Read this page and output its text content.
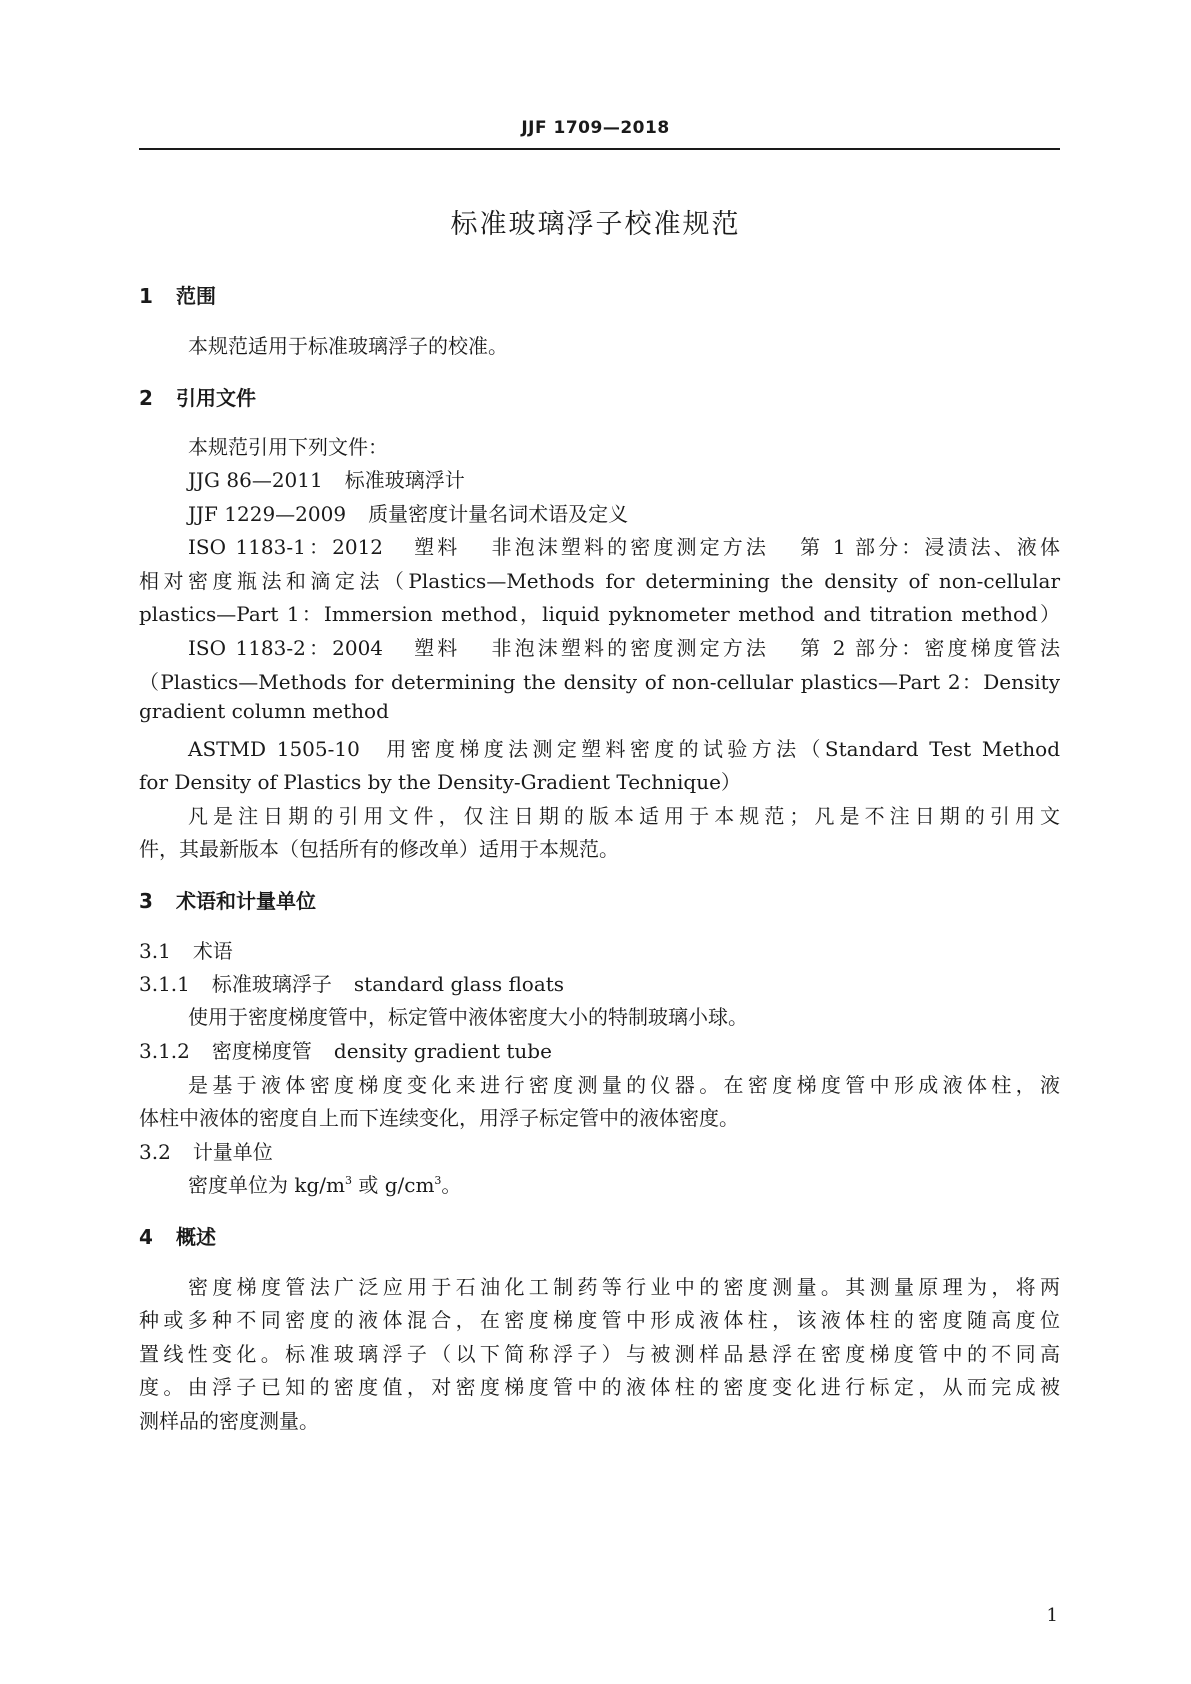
JJF 1709—2018
标准玻璃浮子校准规范
1 范围
本规范适用于标准玻璃浮子的校准。
2 引用文件
本规范引用下列文件：
JJG 86—2011 标准玻璃浮计
JJF 1229—2009 质量密度计量名词术语及定义
ISO 1183-1：2012 塑料 非泡沫塑料的密度测定方法 第 1 部分：浸渍法、液体
相对密度瓶法和滴定法（Plastics—Methods for determining the density of non-cellular
plastics—Part 1：Immersion method，liquid pyknometer method and titration method）
ISO 1183-2：2004 塑料 非泡沫塑料的密度测定方法 第 2 部分：密度梯度管法
（Plastics—Methods for determining the density of non-cellular plastics—Part 2：Density
gradient column method
ASTMD 1505-10 用密度梯度法测定塑料密度的试验方法（Standard Test Method
for Density of Plastics by the Density-Gradient Technique）
凡是注日期的引用文件，仅注日期的版本适用于本规范；凡是不注日期的引用文
件，其最新版本（包括所有的修改单）适用于本规范。
3 术语和计量单位
3.1 术语
3.1.1 标准玻璃浮子 standard glass floats
使用于密度梯度管中，标定管中液体密度大小的特制玻璃小球。
3.1.2 密度梯度管 density gradient tube
是基于液体密度梯度变化来进行密度测量的仪器。在密度梯度管中形成液体柱，液
体柱中液体的密度自上而下连续变化，用浮子标定管中的液体密度。
3.2 计量单位
密度单位为 $kg/m^3$ 或 $g/cm^3$。
4 概述
密度梯度管法广泛应用于石油化工制药等行业中的密度测量。其测量原理为，将两
种或多种不同密度的液体混合，在密度梯度管中形成液体柱，该液体柱的密度随高度位
置线性变化。标准玻璃浮子（以下简称浮子）与被测样品悬浮在密度梯度管中的不同高
度。由浮子已知的密度值，对密度梯度管中的液体柱的密度变化进行标定，从而完成被
测样品的密度测量。
1
